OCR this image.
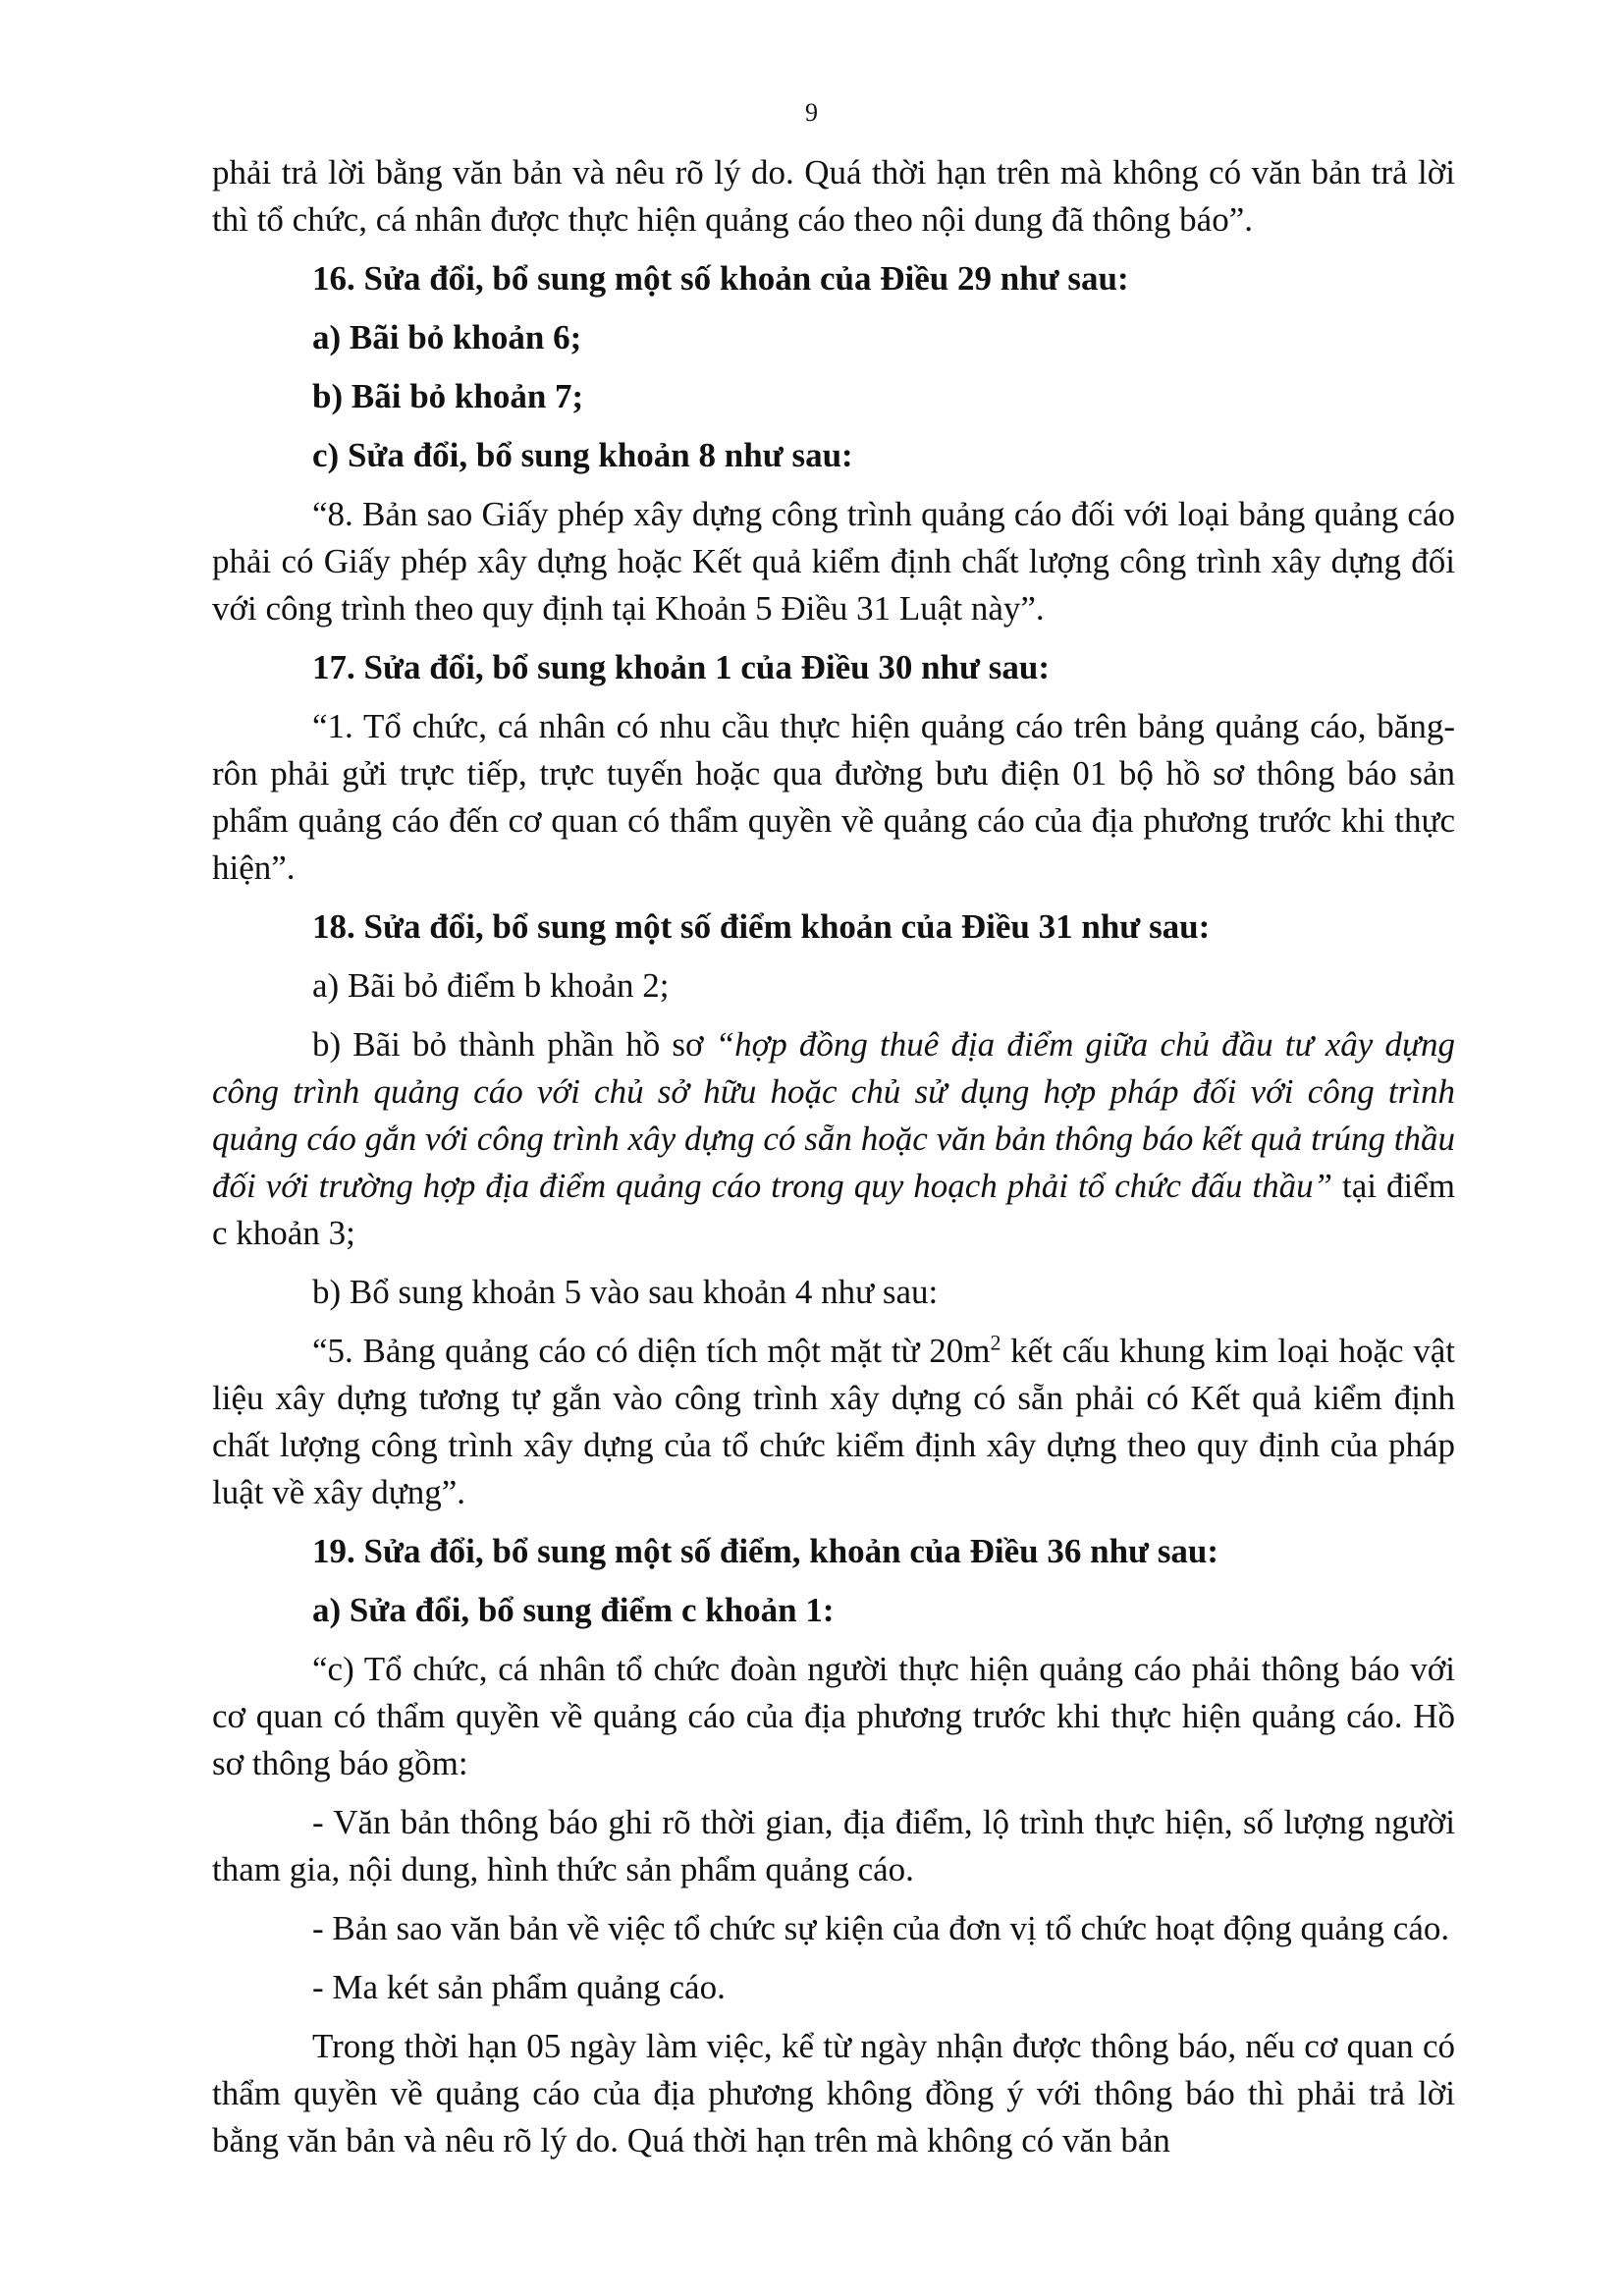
9

phải trả lời bằng văn bản và nêu rõ lý do. Quá thời hạn trên mà không có văn bản trả lời thì tổ chức, cá nhân được thực hiện quảng cáo theo nội dung đã thông báo”.

16. Sửa đổi, bổ sung một số khoản của Điều 29 như sau:

a) Bãi bỏ khoản 6;

b) Bãi bỏ khoản 7;

c) Sửa đổi, bổ sung khoản 8 như sau:

“8. Bản sao Giấy phép xây dựng công trình quảng cáo đối với loại bảng quảng cáo phải có Giấy phép xây dựng hoặc Kết quả kiểm định chất lượng công trình xây dựng đối với công trình theo quy định tại Khoản 5 Điều 31 Luật này”.

17. Sửa đổi, bổ sung khoản 1 của Điều 30 như sau:

“1. Tổ chức, cá nhân có nhu cầu thực hiện quảng cáo trên bảng quảng cáo, băng-rôn phải gửi trực tiếp, trực tuyến hoặc qua đường bưu điện 01 bộ hồ sơ thông báo sản phẩm quảng cáo đến cơ quan có thẩm quyền về quảng cáo của địa phương trước khi thực hiện”.

18. Sửa đổi, bổ sung một số điểm khoản của Điều 31 như sau:

a) Bãi bỏ điểm b khoản 2;

b) Bãi bỏ thành phần hồ sơ “hợp đồng thuê địa điểm giữa chủ đầu tư xây dựng công trình quảng cáo với chủ sở hữu hoặc chủ sử dụng hợp pháp đối với công trình quảng cáo gắn với công trình xây dựng có sẵn hoặc văn bản thông báo kết quả trúng thầu đối với trường hợp địa điểm quảng cáo trong quy hoạch phải tổ chức đấu thầu” tại điểm c khoản 3;

b) Bổ sung khoản 5 vào sau khoản 4 như sau:

“5. Bảng quảng cáo có diện tích một mặt từ $20m^2$ kết cấu khung kim loại hoặc vật liệu xây dựng tương tự gắn vào công trình xây dựng có sẵn phải có Kết quả kiểm định chất lượng công trình xây dựng của tổ chức kiểm định xây dựng theo quy định của pháp luật về xây dựng”.

19. Sửa đổi, bổ sung một số điểm, khoản của Điều 36 như sau:

a) Sửa đổi, bổ sung điểm c khoản 1:

“c) Tổ chức, cá nhân tổ chức đoàn người thực hiện quảng cáo phải thông báo với cơ quan có thẩm quyền về quảng cáo của địa phương trước khi thực hiện quảng cáo. Hồ sơ thông báo gồm:

- Văn bản thông báo ghi rõ thời gian, địa điểm, lộ trình thực hiện, số lượng người tham gia, nội dung, hình thức sản phẩm quảng cáo.

- Bản sao văn bản về việc tổ chức sự kiện của đơn vị tổ chức hoạt động quảng cáo.

- Ma két sản phẩm quảng cáo.

Trong thời hạn 05 ngày làm việc, kể từ ngày nhận được thông báo, nếu cơ quan có thẩm quyền về quảng cáo của địa phương không đồng ý với thông báo thì phải trả lời bằng văn bản và nêu rõ lý do. Quá thời hạn trên mà không có văn bản
